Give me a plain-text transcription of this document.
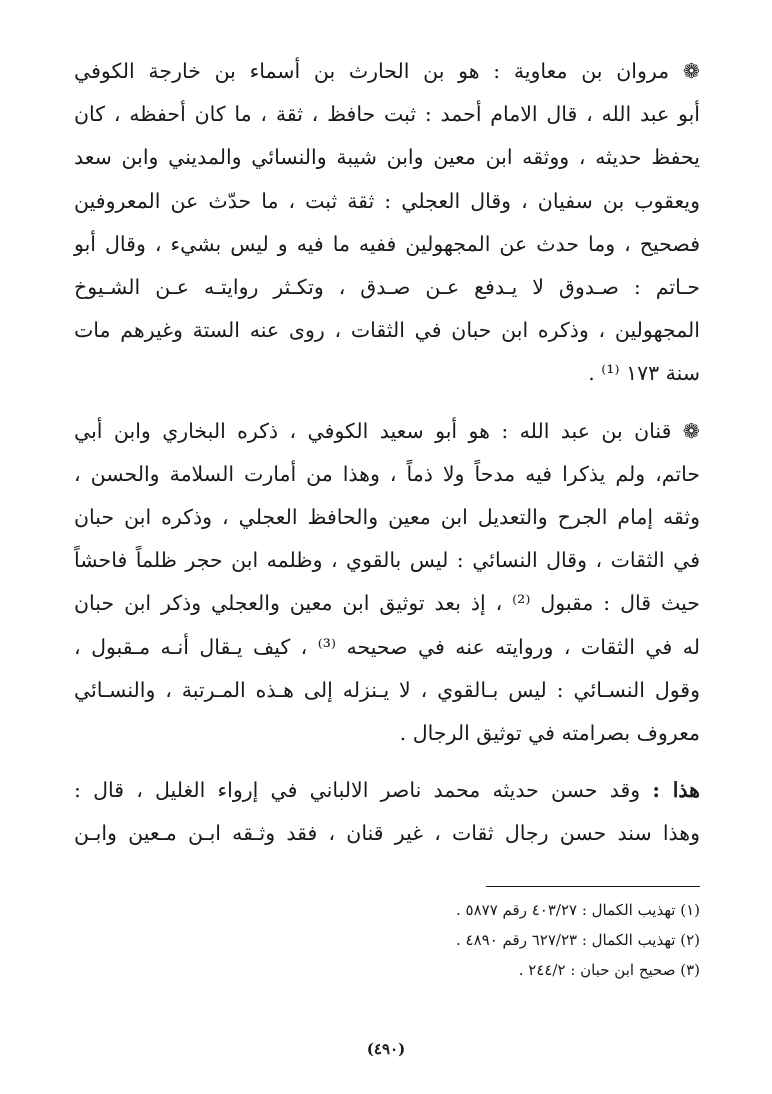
❁ مروان بن معاوية : هو بن الحارث بن أسماء بن خارجة الكوفي
أبو عبد الله ، قال الامام أحمد : ثبت حافظ ، ثقة ، ما كان أحفظه ، كان
يحفظ حديثه ، ووثقه ابن معين وابن شيبة والنسائي والمديني وابن سعد
ويعقوب بن سفيان ، وقال العجلي : ثقة ثبت ، ما حدّث عن المعروفين
فصحيح ، وما حدث عن المجهولين ففيه ما فيه و ليس بشيء ، وقال أبو
حـاتم : صـدوق لا يـدفع عـن صـدق ، وتكـثر روايتـه عـن الشـيوخ
المجهولين ، وذكره ابن حبان في الثقات ، روى عنه الستة وغيرهم مات
سنة ١٧٣ ⁽¹⁾ .

❁ قنان بن عبد الله : هو أبو سعيد الكوفي ، ذكره البخاري وابن أبي
حاتم، ولم يذكرا فيه مدحاً ولا ذماً ، وهذا من أمارت السلامة والحسن ،
وثقه إمام الجرح والتعديل ابن معين والحافظ العجلي ، وذكره ابن حبان
في الثقات ، وقال النسائي : ليس بالقوي ، وظلمه ابن حجر ظلماً فاحشاً
حيث قال : مقبول ⁽²⁾ ، إذ بعد توثيق ابن معين والعجلي وذكر ابن حبان
له في الثقات ، وروايته عنه في صحيحه ⁽³⁾ ، كيف يـقال أنـه مـقبول ،
وقول النسـائي : ليس بـالقوي ، لا يـنزله إلى هـذه المـرتبة ، والنسـائي
معروف بصرامته في توثيق الرجال .

هذا : وقد حسن حديثه محمد ناصر الالباني في إرواء الغليل ، قال :
وهذا سند حسن رجال ثقات ، غير قنان ، فقد وثـقه ابـن مـعين وابـن

(١) تهذيب الكمال : ٤٠٣/٢٧ رقم ٥٨٧٧ .
(٢) تهذيب الكمال : ٦٢٧/٢٣ رقم ٤٨٩٠ .
(٣) صحيح ابن حبان : ٢٤٤/٢ .
(٤٩٠)
